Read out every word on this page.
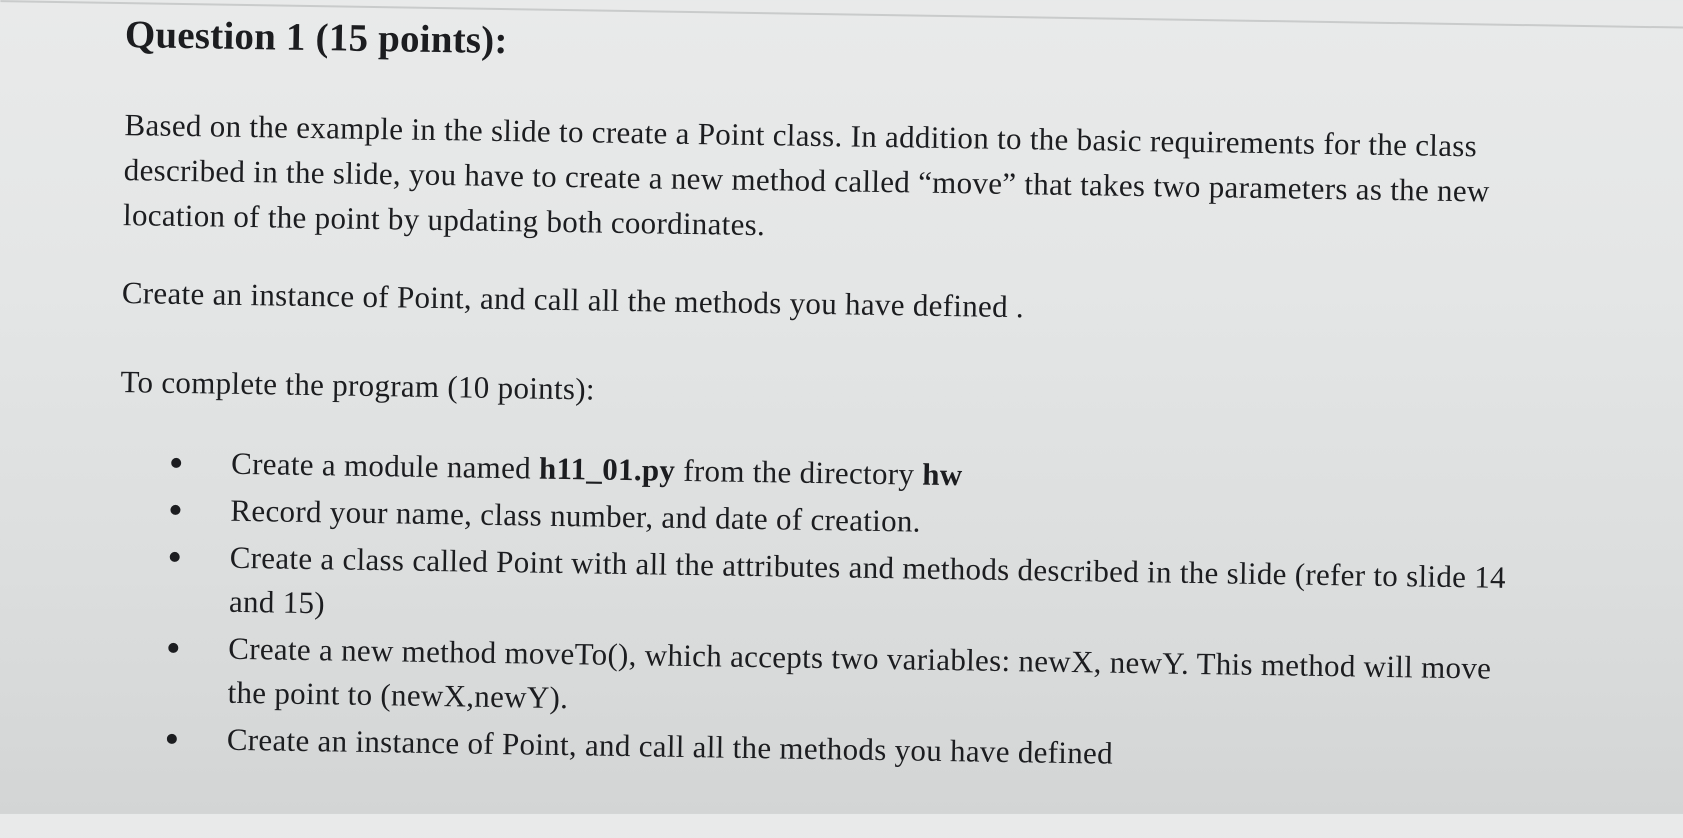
Question 1 (15 points):
Based on the example in the slide to create a Point class. In addition to the basic requirements for the class described in the slide, you have to create a new method called “move” that takes two parameters as the new location of the point by updating both coordinates.
Create an instance of Point, and call all the methods you have defined .
To complete the program (10 points):
Create a module named h11_01.py from the directory hw
Record your name, class number, and date of creation.
Create a class called Point with all the attributes and methods described in the slide (refer to slide 14 and 15)
Create a new method moveTo(), which accepts two variables: newX, newY. This method will move the point to (newX,newY).
Create an instance of Point, and call all the methods you have defined
